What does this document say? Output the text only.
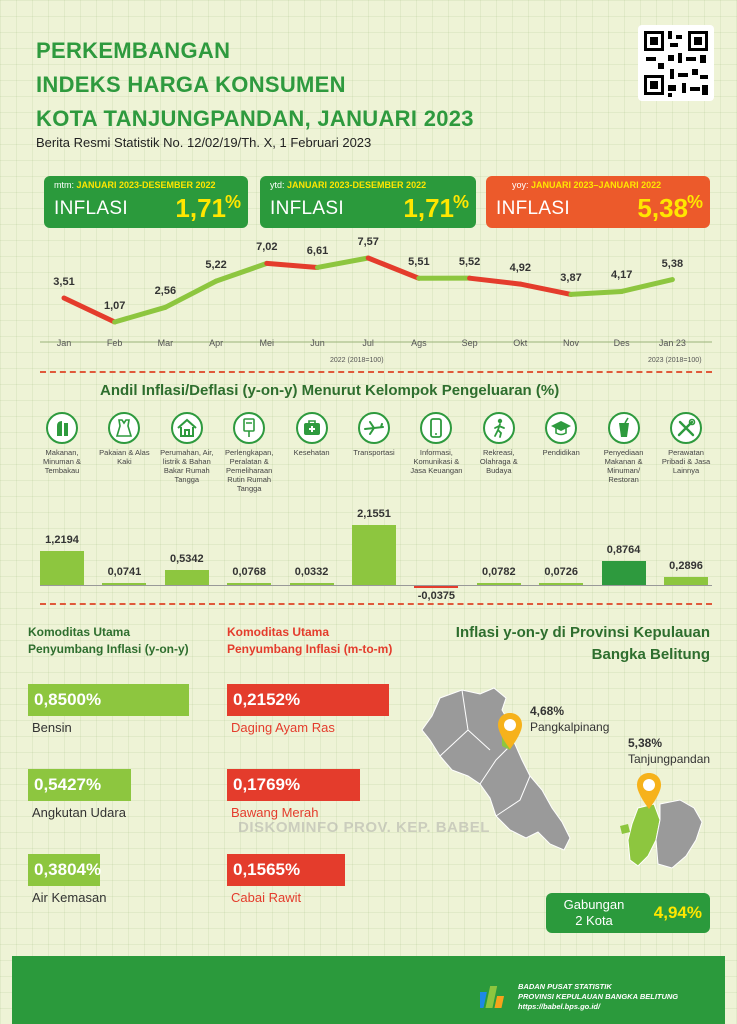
PERKEMBANGAN
INDEKS HARGA KONSUMEN
KOTA TANJUNGPANDAN, JANUARI 2023
Berita Resmi Statistik No. 12/02/19/Th. X, 1 Februari 2023
mtm: JANUARI 2023-DESEMBER 2022
INFLASI 1,71
%
ytd: JANUARI 2023-DESEMBER 2022
INFLASI 1,71
%
yoy: JANUARI 2023–JANUARI 2022
INFLASI	5,38
%
3,51
Jan
1,07
Feb
2,56
Mar
5,22
Apr
7,02
Mei
6,61
Jun
7,57
Jul
5,51
Ags
5,52
Sep
4,92
Okt
3,87
Nov
4,17
Des
5,38
Jan 23
2022 (2018=100)	2023 (2018=100)
Andil Inflasi/Deflasi (y-on-y) Menurut Kelompok Pengeluaran (%)
Makanan, Minuman & Tembakau
Pakaian & Alas Kaki
Perumahan, Air, listrik & Bahan Bakar Rumah Tangga
Perlengkapan, Peralatan & Pemeliharaan Rutin Rumah Tangga
Kesehatan	Transportasi	Informasi, Komunikasi & Jasa Keuangan
Rekreasi, Olahraga & Budaya
Pendidikan	Penyediaan Makanan & Minuman/ Restoran
Perawatan Pribadi & Jasa Lainnya
1,2194
0,0741
0,5342
0,0768	0,0332
2,1551
-0,0375
0,0782	0,0726
0,8764
0,2896
Komoditas Utama
Penyumbang Inflasi (y-on-y)
0,8500%
Bensin
0,5427%
Angkutan Udara
0,3804%
Air Kemasan
Komoditas Utama
Penyumbang Inflasi (m-to-m)
0,2152%
Daging Ayam Ras
0,1769%
Bawang Merah
0,1565%
Cabai Rawit
Inflasi y-on-y di Provinsi Kepulauan
Bangka Belitung
4,68%
Pangkalpinang
5,38%
Tanjungpandan
Gabungan
2 Kota	4,94%
DISKOMINFO PROV. KEP. BABEL
BADAN PUSAT STATISTIK
PROVINSI KEPULAUAN BANGKA BELITUNG
https://babel.bps.go.id/
